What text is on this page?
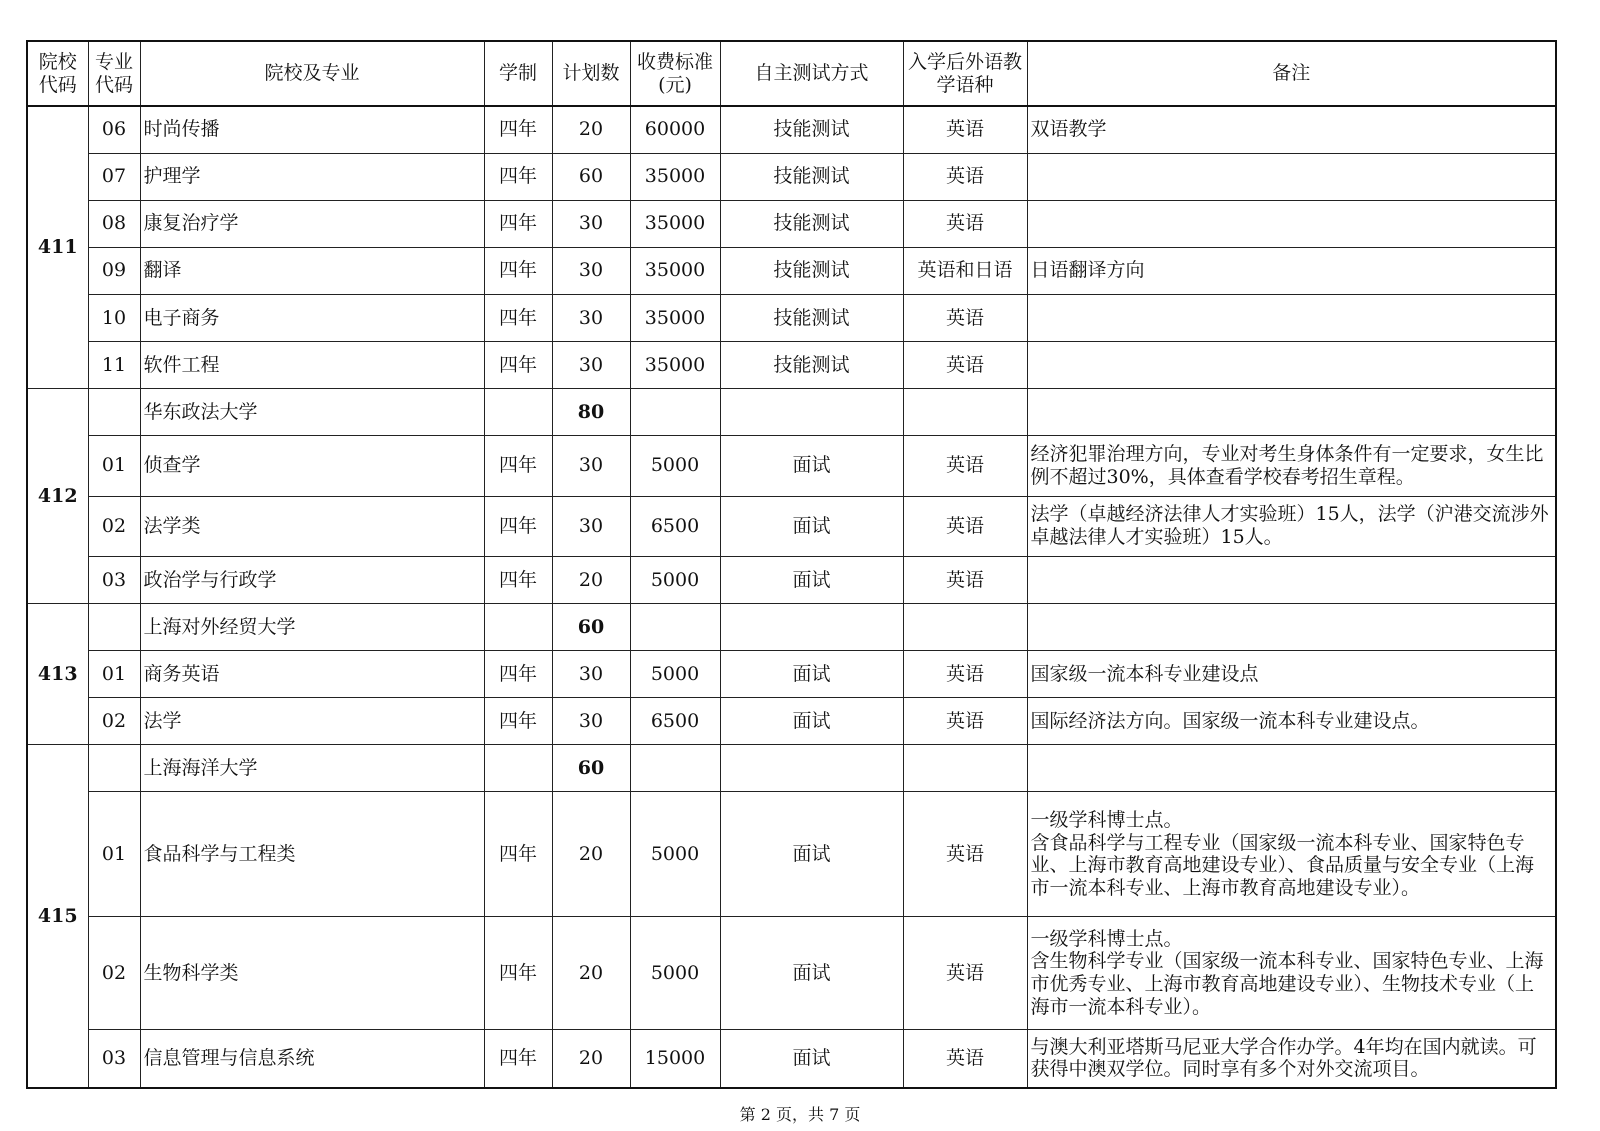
院校代码	专业代码	院校及专业	学制	计划数	收费标准(元)	自主测试方式	入学后外语教学语种	备注
411	06	时尚传播	四年	20	60000	技能测试	英语	双语教学
	07	护理学	四年	60	35000	技能测试	英语	
	08	康复治疗学	四年	30	35000	技能测试	英语	
	09	翻译	四年	30	35000	技能测试	英语和日语	日语翻译方向
	10	电子商务	四年	30	35000	技能测试	英语	
	11	软件工程	四年	30	35000	技能测试	英语	
412		华东政法大学		80				
	01	侦查学	四年	30	5000	面试	英语	经济犯罪治理方向，专业对考生身体条件有一定要求，女生比例不超过30%，具体查看学校春考招生章程。
	02	法学类	四年	30	6500	面试	英语	法学（卓越经济法律人才实验班）15人，法学（沪港交流涉外卓越法律人才实验班）15人。
	03	政治学与行政学	四年	20	5000	面试	英语	
413		上海对外经贸大学		60				
	01	商务英语	四年	30	5000	面试	英语	国家级一流本科专业建设点
	02	法学	四年	30	6500	面试	英语	国际经济法方向。国家级一流本科专业建设点。
415		上海海洋大学		60				
	01	食品科学与工程类	四年	20	5000	面试	英语	一级学科博士点。
含食品科学与工程专业（国家级一流本科专业、国家特色专业、上海市教育高地建设专业）、食品质量与安全专业（上海市一流本科专业、上海市教育高地建设专业）。
	02	生物科学类	四年	20	5000	面试	英语	一级学科博士点。
含生物科学专业（国家级一流本科专业、国家特色专业、上海市优秀专业、上海市教育高地建设专业）、生物技术专业（上海市一流本科专业）。
	03	信息管理与信息系统	四年	20	15000	面试	英语	与澳大利亚塔斯马尼亚大学合作办学。4年均在国内就读。可获得中澳双学位。同时享有多个对外交流项目。
第 2 页，共 7 页
